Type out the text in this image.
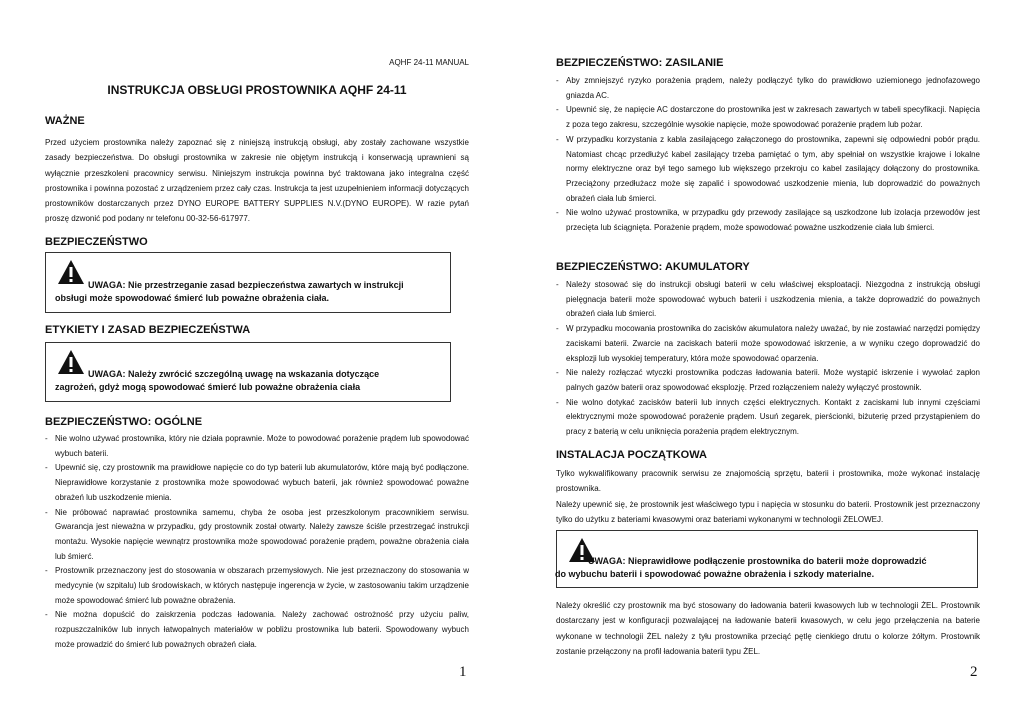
AQHF 24-11 MANUAL
INSTRUKCJA OBSŁUGI PROSTOWNIKA AQHF 24-11
WAŻNE

Przed użyciem prostownika należy zapoznać się z niniejszą instrukcją obsługi, aby zostały zachowane wszystkie zasady bezpieczeństwa. Do obsługi prostownika w zakresie nie objętym instrukcją i konserwacją uprawnieni są wyłącznie przeszkoleni pracownicy serwisu. Niniejszym instrukcja powinna być traktowana jako integralna część prostownika i powinna pozostać z urządzeniem przez cały czas. Instrukcja ta jest uzupełnieniem informacji dotyczących prostowników dostarczanych przez DYNO EUROPE BATTERY SUPPLIES N.V.(DYNO EUROPE). W razie pytań proszę dzwonić pod podany nr telefonu 00-32-56-617977.

BEZPIECZEŃSTWO
UWAGA: Nie przestrzeganie zasad bezpieczeństwa zawartych w instrukcji
obsługi może spowodować śmierć lub poważne obrażenia ciała.
ETYKIETY I ZASAD BEZPIECZEŃSTWA
UWAGA: Należy zwrócić szczególną uwagę na wskazania dotyczące
zagrożeń, gdyż mogą spowodować śmierć lub poważne obrażenia ciała
BEZPIECZEŃSTWO: OGÓLNE
- Nie wolno używać prostownika, który nie działa poprawnie. Może to powodować porażenie prądem lub spowodować wybuch baterii.
- Upewnić się, czy prostownik ma prawidłowe napięcie co do typ baterii lub akumulatorów, które mają być podłączone. Nieprawidłowe korzystanie z prostownika może spowodować wybuch baterii, jak również spowodować poważne obrażeń lub uszkodzenie mienia.
- Nie próbować naprawiać prostownika samemu, chyba że osoba jest przeszkolonym pracownikiem serwisu. Gwarancja jest nieważna w przypadku, gdy prostownik został otwarty. Należy zawsze ściśle przestrzegać instrukcji montażu. Wysokie napięcie wewnątrz prostownika może spowodować porażenie prądem, poważne obrażenia ciała lub śmierć.
- Prostownik przeznaczony jest do stosowania w obszarach przemysłowych. Nie jest przeznaczony do stosowania w medycynie (w szpitalu) lub środowiskach, w których następuje ingerencja w życie, w zastosowaniu takim urządzenie może spowodować śmierć lub poważne obrażenia.
- Nie można dopuścić do zaiskrzenia podczas ładowania. Należy zachować ostrożność przy użyciu paliw, rozpuszczalników lub innych łatwopalnych materiałów w pobliżu prostownika lub baterii. Spowodowany wybuch może prowadzić do śmierć lub poważnych obrażeń ciała.
1
BEZPIECZEŃSTWO: ZASILANIE
- Aby zmniejszyć ryzyko porażenia prądem, należy podłączyć tylko do prawidłowo uziemionego jednofazowego gniazda AC.
- Upewnić się, że napięcie AC dostarczone do prostownika jest w zakresach zawartych w tabeli specyfikacji. Napięcia z poza tego zakresu, szczególnie wysokie napięcie, może spowodować porażenie prądem lub pożar.
- W przypadku korzystania z kabla zasilającego załączonego do prostownika, zapewni się odpowiedni pobór prądu. Natomiast chcąc przedłużyć kabel zasilający trzeba pamiętać o tym, aby spełniał on wszystkie krajowe i lokalne normy elektryczne oraz był tego samego lub większego przekroju co kabel zasilający dołączony do prostownika. Przeciążony przedłużacz może się zapalić i spowodować uszkodzenie mienia, lub doprowadzić do poważnych obrażeń ciała lub śmierci.
- Nie wolno używać prostownika, w przypadku gdy przewody zasilające są uszkodzone lub izolacja przewodów jest przecięta lub ściągnięta. Porażenie prądem, może spowodować poważne uszkodzenie ciała lub śmierci.
BEZPIECZEŃSTWO: AKUMULATORY
- Należy stosować się do instrukcji obsługi baterii w celu właściwej eksploatacji. Niezgodna z instrukcją obsługi pielęgnacja baterii może spowodować wybuch baterii i uszkodzenia mienia, a także doprowadzić do poważnych obrażeń ciała lub śmierci.
- W przypadku mocowania prostownika do zacisków akumulatora należy uważać, by nie zostawiać narzędzi pomiędzy zaciskami baterii. Zwarcie na zaciskach baterii może spowodować iskrzenie, a w wyniku czego doprowadzić do eksplozji lub wysokiej temperatury, która może spowodować oparzenia.
- Nie należy rozłączać wtyczki prostownika podczas ładowania baterii. Może wystąpić iskrzenie i wywołać zapłon palnych gazów baterii oraz spowodować eksplozję. Przed rozłączeniem należy wyłączyć prostownik.
- Nie wolno dotykać zacisków baterii lub innych części elektrycznych. Kontakt z zaciskami lub innymi częściami elektrycznymi może spowodować porażenie prądem. Usuń zegarek, pierścionki, biżuterię przed przystąpieniem do pracy z baterią w celu uniknięcia porażenia prądem elektrycznym.
INSTALACJA POCZĄTKOWA

Tylko wykwalifikowany pracownik serwisu ze znajomością sprzętu, baterii i prostownika, może wykonać instalację prostownika.

Należy upewnić się, że prostownik jest właściwego typu i napięcia w stosunku do baterii. Prostownik jest przeznaczony tylko do użytku z bateriami kwasowymi oraz bateriami wykonanymi w technologii ŻELOWEJ.

UWAGA: Nieprawidłowe podłączenie prostownika do baterii może doprowadzić
do wybuchu baterii i spowodować poważne obrażenia i szkody materialne.

Należy określić czy prostownik ma być stosowany do ładowania baterii kwasowych lub w technologii ŻEL. Prostownik dostarczany jest w konfiguracji pozwalającej na ładowanie baterii kwasowych, w celu jego przełączenia na baterie wykonane w technologii ŻEL należy z tyłu prostownika przeciąć pętlę cienkiego drutu o kolorze żółtym. Prostownik zostanie przełączony na profil ładowania baterii typu ŻEL.

2
